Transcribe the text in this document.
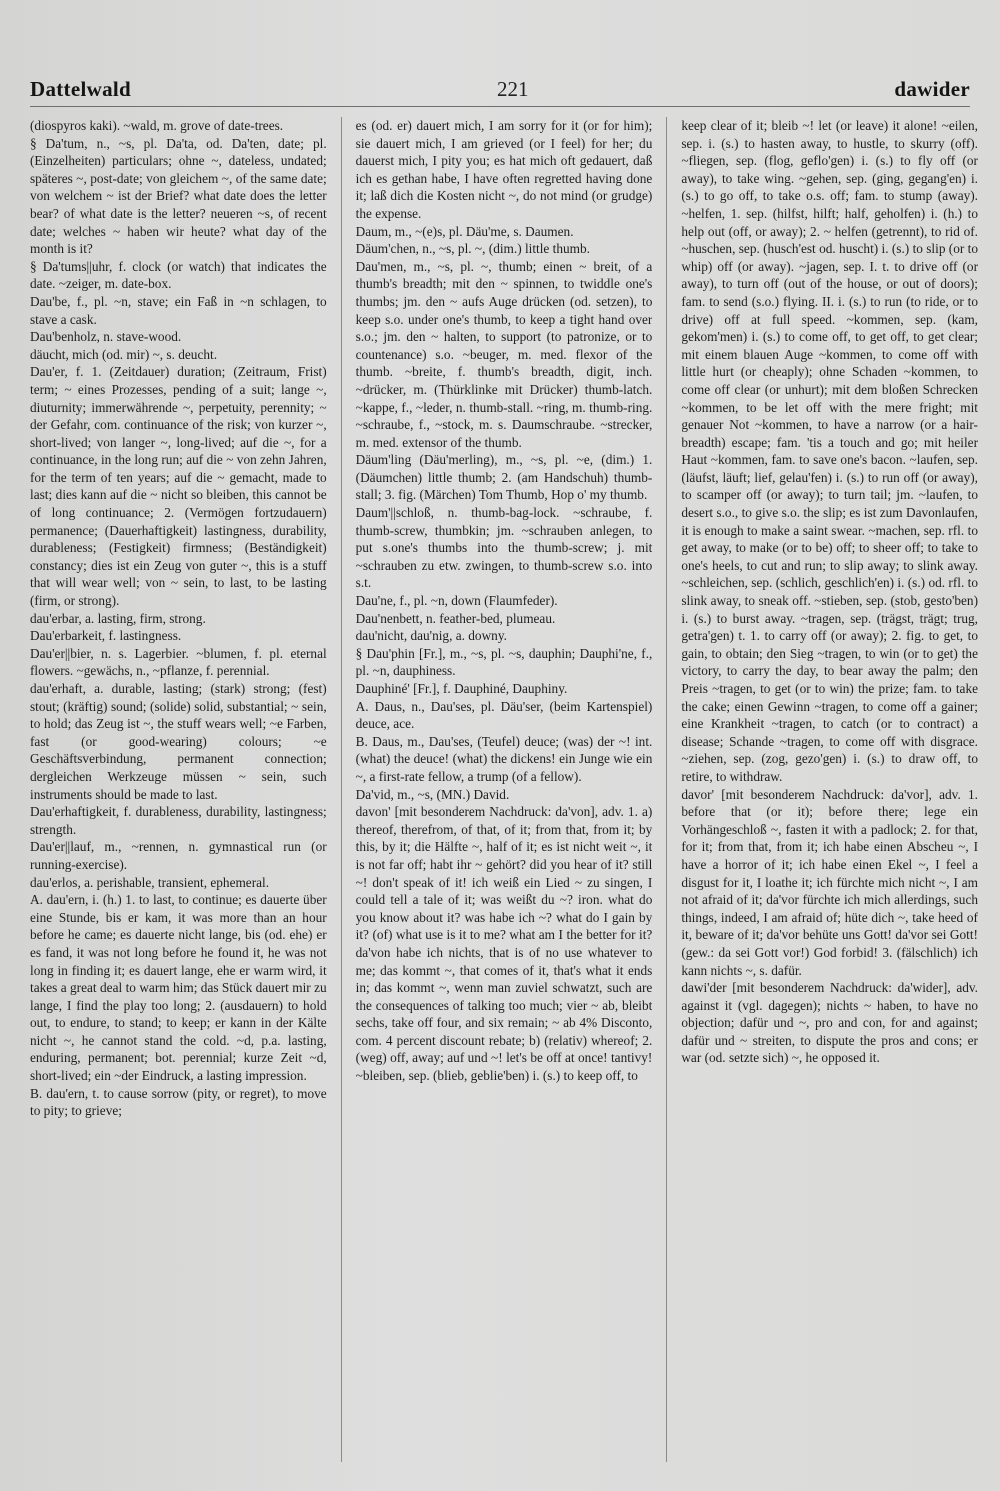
Dattelwald	221	dawider

(diospyros kaki). ~wald, m. grove of date-trees.

§ Da'tum, n., ~s, pl. Da'ta, od. Da'ten, date; pl. (Einzelheiten) particulars; ohne ~, dateless, undated; späteres ~, post-date; von gleichem ~, of the same date; von welchem ~ ist der Brief? what date does the letter bear? of what date is the letter? neueren ~s, of recent date; welches ~ haben wir heute? what day of the month is it?

§ Da'tums||uhr, f. clock (or watch) that indicates the date. ~zeiger, m. date-box.

Dau'be, f., pl. ~n, stave; ein Faß in ~n schlagen, to stave a cask.

Dau'benholz, n. stave-wood.

däucht, mich (od. mir) ~, s. deucht.

Dau'er, f. 1. (Zeitdauer) duration; (Zeitraum, Frist) term; ~ eines Prozesses, pending of a suit; lange ~, diuturnity; immerwährende ~, perpetuity, perennity; ~ der Gefahr, com. continuance of the risk; von kurzer ~, short-lived; von langer ~, long-lived; auf die ~, for a continuance, in the long run; auf die ~ von zehn Jahren, for the term of ten years; auf die ~ gemacht, made to last; dies kann auf die ~ nicht so bleiben, this cannot be of long continuance; 2. (Vermögen fortzudauern) permanence; (Dauerhaftigkeit) lastingness, durability, durableness; (Festigkeit) firmness; (Beständigkeit) constancy; dies ist ein Zeug von guter ~, this is a stuff that will wear well; von ~ sein, to last, to be lasting (firm, or strong).

dau'erbar, a. lasting, firm, strong.

Dau'erbarkeit, f. lastingness.

Dau'er||bier, n. s. Lagerbier. ~blumen, f. pl. eternal flowers. ~gewächs, n., ~pflanze, f. perennial.

dau'erhaft, a. durable, lasting; (stark) strong; (fest) stout; (kräftig) sound; (solide) solid, substantial; ~ sein, to hold; das Zeug ist ~, the stuff wears well; ~e Farben, fast (or good-wearing) colours; ~e Geschäftsverbindung, permanent connection; dergleichen Werkzeuge müssen ~ sein, such instruments should be made to last.

Dau'erhaftigkeit, f. durableness, durability, lastingness; strength.

Dau'er||lauf, m., ~rennen, n. gymnastical run (or running-exercise).

dau'erlos, a. perishable, transient, ephemeral.

A. dau'ern, i. (h.) 1. to last, to continue; es dauerte über eine Stunde, bis er kam, it was more than an hour before he came; es dauerte nicht lange, bis (od. ehe) er es fand, it was not long before he found it, he was not long in finding it; es dauert lange, ehe er warm wird, it takes a great deal to warm him; das Stück dauert mir zu lange, I find the play too long; 2. (ausdauern) to hold out, to endure, to stand; to keep; er kann in der Kälte nicht ~, he cannot stand the cold. ~d, p.a. lasting, enduring, permanent; bot. perennial; kurze Zeit ~d, short-lived; ein ~der Eindruck, a lasting impression.

B. dau'ern, t. to cause sorrow (pity, or regret), to move to pity; to grieve;

es (od. er) dauert mich, I am sorry for it (or for him); sie dauert mich, I am grieved (or I feel) for her; du dauerst mich, I pity you; es hat mich oft gedauert, daß ich es gethan habe, I have often regretted having done it; laß dich die Kosten nicht ~, do not mind (or grudge) the expense.

Daum, m., ~(e)s, pl. Däu'me, s. Daumen.

Däum'chen, n., ~s, pl. ~, (dim.) little thumb.

Dau'men, m., ~s, pl. ~, thumb; einen ~ breit, of a thumb's breadth; mit den ~ spinnen, to twiddle one's thumbs; jm. den ~ aufs Auge drücken (od. setzen), to keep s.o. under one's thumb, to keep a tight hand over s.o.; jm. den ~ halten, to support (to patronize, or to countenance) s.o. ~beuger, m. med. flexor of the thumb. ~breite, f. thumb's breadth, digit, inch. ~drücker, m. (Thürklinke mit Drücker) thumb-latch. ~kappe, f., ~leder, n. thumb-stall. ~ring, m. thumb-ring. ~schraube, f., ~stock, m. s. Daumschraube. ~strecker, m. med. extensor of the thumb.

Däum'ling (Däu'merling), m., ~s, pl. ~e, (dim.) 1. (Däumchen) little thumb; 2. (am Handschuh) thumb-stall; 3. fig. (Märchen) Tom Thumb, Hop o' my thumb.

Daum'||schloß, n. thumb-bag-lock. ~schraube, f. thumb-screw, thumbkin; jm. ~schrauben anlegen, to put s.one's thumbs into the thumb-screw; j. mit ~schrauben zu etw. zwingen, to thumb-screw s.o. into s.t.

Dau'ne, f., pl. ~n, down (Flaumfeder).

Dau'nenbett, n. feather-bed, plumeau.

dau'nicht, dau'nig, a. downy.

§ Dau'phin [Fr.], m., ~s, pl. ~s, dauphin; Dauphi'ne, f., pl. ~n, dauphiness.

Dauphiné' [Fr.], f. Dauphiné, Dauphiny.

A. Daus, n., Dau'ses, pl. Däu'ser, (beim Kartenspiel) deuce, ace.

B. Daus, m., Dau'ses, (Teufel) deuce; (was) der ~! int. (what) the deuce! (what) the dickens! ein Junge wie ein ~, a first-rate fellow, a trump (of a fellow).

Da'vid, m., ~s, (MN.) David.

davon' [mit besonderem Nachdruck: da'von], adv. 1. a) thereof, therefrom, of that, of it; from that, from it; by this, by it; die Hälfte ~, half of it; es ist nicht weit ~, it is not far off; habt ihr ~ gehört? did you hear of it? still ~! don't speak of it! ich weiß ein Lied ~ zu singen, I could tell a tale of it; was weißt du ~? iron. what do you know about it? was habe ich ~? what do I gain by it? (of) what use is it to me? what am I the better for it? da'von habe ich nichts, that is of no use whatever to me; das kommt ~, that comes of it, that's what it ends in; das kommt ~, wenn man zuviel schwatzt, such are the consequences of talking too much; vier ~ ab, bleibt sechs, take off four, and six remain; ~ ab 4% Disconto, com. 4 percent discount rebate; b) (relativ) whereof; 2. (weg) off, away; auf und ~! let's be off at once! tantivy! ~bleiben, sep. (blieb, geblie'ben) i. (s.) to keep off, to

keep clear of it; bleib ~! let (or leave) it alone! ~eilen, sep. i. (s.) to hasten away, to hustle, to skurry (off). ~fliegen, sep. (flog, geflo'gen) i. (s.) to fly off (or away), to take wing. ~gehen, sep. (ging, gegang'en) i. (s.) to go off, to take o.s. off; fam. to stump (away). ~helfen, 1. sep. (hilfst, hilft; half, geholfen) i. (h.) to help out (off, or away); 2. ~ helfen (getrennt), to rid of. ~huschen, sep. (husch'est od. huscht) i. (s.) to slip (or to whip) off (or away). ~jagen, sep. I. t. to drive off (or away), to turn off (out of the house, or out of doors); fam. to send (s.o.) flying. II. i. (s.) to run (to ride, or to drive) off at full speed. ~kommen, sep. (kam, gekom'men) i. (s.) to come off, to get off, to get clear; mit einem blauen Auge ~kommen, to come off with little hurt (or cheaply); ohne Schaden ~kommen, to come off clear (or unhurt); mit dem bloßen Schrecken ~kommen, to be let off with the mere fright; mit genauer Not ~kommen, to have a narrow (or a hair-breadth) escape; fam. 'tis a touch and go; mit heiler Haut ~kommen, fam. to save one's bacon. ~laufen, sep. (läufst, läuft; lief, gelau'fen) i. (s.) to run off (or away), to scamper off (or away); to turn tail; jm. ~laufen, to desert s.o., to give s.o. the slip; es ist zum Davonlaufen, it is enough to make a saint swear. ~machen, sep. rfl. to get away, to make (or to be) off; to sheer off; to take to one's heels, to cut and run; to slip away; to slink away. ~schleichen, sep. (schlich, geschlich'en) i. (s.) od. rfl. to slink away, to sneak off. ~stieben, sep. (stob, gesto'ben) i. (s.) to burst away. ~tragen, sep. (trägst, trägt; trug, getra'gen) t. 1. to carry off (or away); 2. fig. to get, to gain, to obtain; den Sieg ~tragen, to win (or to get) the victory, to carry the day, to bear away the palm; den Preis ~tragen, to get (or to win) the prize; fam. to take the cake; einen Gewinn ~tragen, to come off a gainer; eine Krankheit ~tragen, to catch (or to contract) a disease; Schande ~tragen, to come off with disgrace. ~ziehen, sep. (zog, gezo'gen) i. (s.) to draw off, to retire, to withdraw.

davor' [mit besonderem Nachdruck: da'vor], adv. 1. before that (or it); before there; lege ein Vorhängeschloß ~, fasten it with a padlock; 2. for that, for it; from that, from it; ich habe einen Abscheu ~, I have a horror of it; ich habe einen Ekel ~, I feel a disgust for it, I loathe it; ich fürchte mich nicht ~, I am not afraid of it; da'vor fürchte ich mich allerdings, such things, indeed, I am afraid of; hüte dich ~, take heed of it, beware of it; da'vor behüte uns Gott! da'vor sei Gott! (gew.: da sei Gott vor!) God forbid! 3. (fälschlich) ich kann nichts ~, s. dafür.

dawi'der [mit besonderem Nachdruck: da'wider], adv. against it (vgl. dagegen); nichts ~ haben, to have no objection; dafür und ~, pro and con, for and against; dafür und ~ streiten, to dispute the pros and cons; er war (od. setzte sich) ~, he opposed it.
